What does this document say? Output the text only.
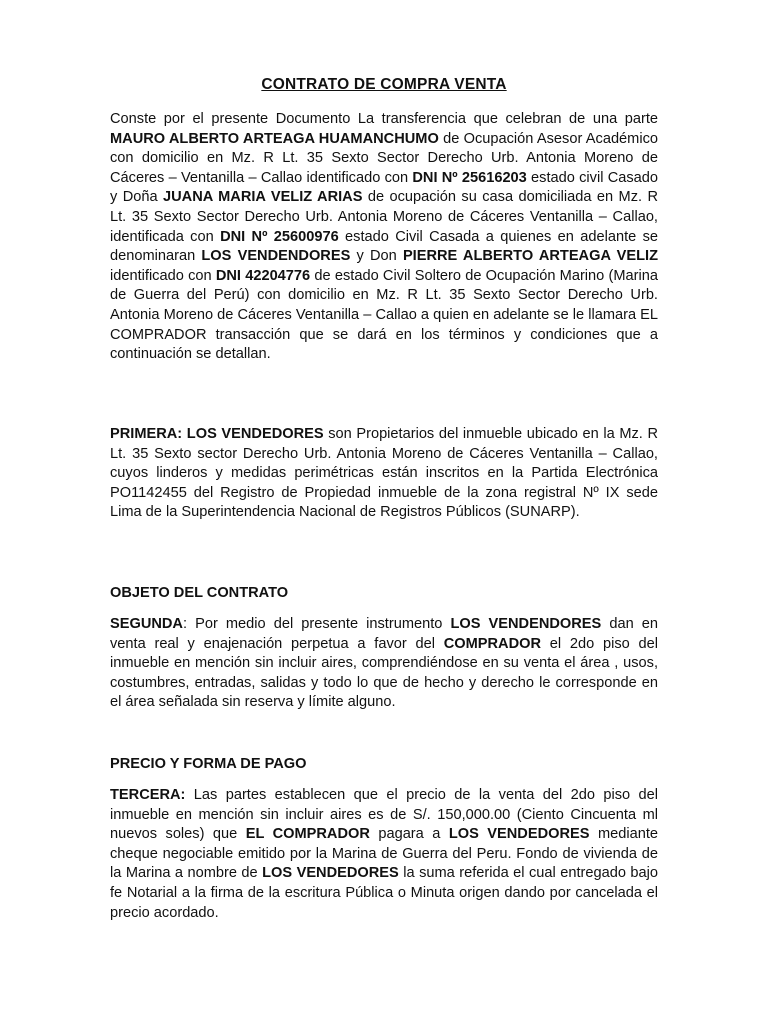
CONTRATO DE COMPRA VENTA

Conste por el presente Documento La transferencia que celebran de una parte MAURO ALBERTO ARTEAGA HUAMANCHUMO de Ocupación Asesor Académico con domicilio en Mz. R Lt. 35 Sexto Sector Derecho Urb. Antonia Moreno de Cáceres – Ventanilla – Callao identificado con DNI Nº 25616203 estado civil Casado y Doña JUANA MARIA VELIZ ARIAS de ocupación su casa domiciliada en Mz. R Lt. 35 Sexto Sector Derecho Urb. Antonia Moreno de Cáceres Ventanilla – Callao, identificada con DNI Nº 25600976 estado Civil Casada a quienes en adelante se denominaran LOS VENDENDORES y Don PIERRE ALBERTO ARTEAGA VELIZ identificado con DNI 42204776 de estado Civil Soltero de Ocupación Marino (Marina de Guerra del Perú) con domicilio en Mz. R Lt. 35 Sexto Sector Derecho Urb. Antonia Moreno de Cáceres Ventanilla – Callao a quien en adelante se le llamara EL COMPRADOR transacción que se dará en los términos y condiciones que a continuación se detallan.

PRIMERA: LOS VENDEDORES son Propietarios del inmueble ubicado en la Mz. R Lt. 35 Sexto sector Derecho Urb. Antonia Moreno de Cáceres Ventanilla – Callao, cuyos linderos y medidas perimétricas están inscritos en la Partida Electrónica PO1142455 del Registro de Propiedad inmueble de la zona registral Nº IX sede Lima de la Superintendencia Nacional de Registros Públicos (SUNARP).

OBJETO DEL CONTRATO

SEGUNDA: Por medio del presente instrumento LOS VENDENDORES dan en venta real y enajenación perpetua a favor del COMPRADOR el 2do piso del inmueble en mención sin incluir aires, comprendiéndose en su venta el área , usos, costumbres, entradas, salidas y todo lo que de hecho y derecho le corresponde en el área señalada sin reserva y límite alguno.

PRECIO Y FORMA DE PAGO

TERCERA: Las partes establecen que el precio de la venta del 2do piso del inmueble en mención sin incluir aires es de S/. 150,000.00 (Ciento Cincuenta ml nuevos soles) que EL COMPRADOR pagara a LOS VENDEDORES mediante cheque negociable emitido por la Marina de Guerra del Peru. Fondo de vivienda de la Marina a nombre de LOS VENDEDORES la suma referida el cual entregado bajo fe Notarial a la firma de la escritura Pública o Minuta origen dando por cancelada el precio acordado.
